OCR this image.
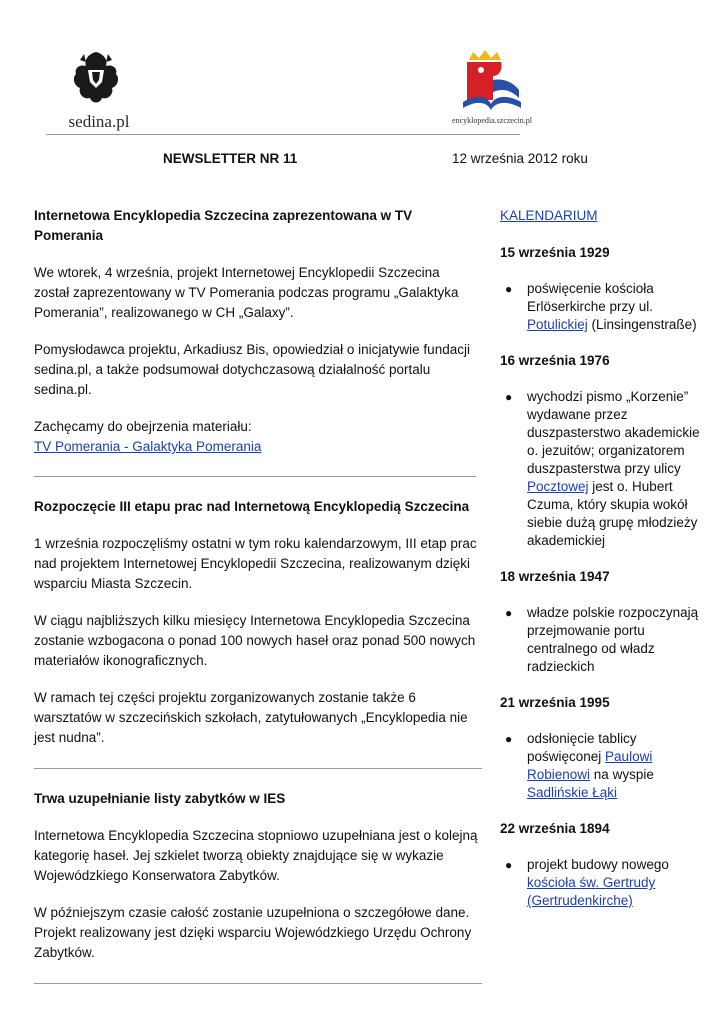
sedina.pl	encyklopedia.szczecin.pl
NEWSLETTER NR 11	12 września 2012 roku
Internetowa Encyklopedia Szczecina zaprezentowana w TV Pomerania

We wtorek, 4 września, projekt Internetowej Encyklopedii Szczecina został zaprezentowany w TV Pomerania podczas programu „Galaktyka Pomerania”, realizowanego w CH „Galaxy”.

Pomysłodawca projektu, Arkadiusz Bis, opowiedział o inicjatywie fundacji sedina.pl, a także podsumował dotychczasową działalność portalu sedina.pl.

Zachęcamy do obejrzenia materiału:
TV Pomerania - Galaktyka Pomerania

Rozpoczęcie III etapu prac nad Internetową Encyklopedią Szczecina

1 września rozpoczęliśmy ostatni w tym roku kalendarzowym, III etap prac nad projektem Internetowej Encyklopedii Szczecina, realizowanym dzięki wsparciu Miasta Szczecin.

W ciągu najbliższych kilku miesięcy Internetowa Encyklopedia Szczecina zostanie wzbogacona o ponad 100 nowych haseł oraz ponad 500 nowych materiałów ikonograficznych.

W ramach tej części projektu zorganizowanych zostanie także 6 warsztatów w szczecińskich szkołach, zatytułowanych „Encyklopedia nie jest nudna”.

Trwa uzupełnianie listy zabytków w IES

Internetowa Encyklopedia Szczecina stopniowo uzupełniana jest o kolejną kategorię haseł. Jej szkielet tworzą obiekty znajdujące się w wykazie Wojewódzkiego Konserwatora Zabytków.

W późniejszym czasie całość zostanie uzupełniona o szczegółowe dane. Projekt realizowany jest dzięki wsparciu Wojewódzkiego Urzędu Ochrony Zabytków.

KALENDARIUM
15 września 1929
● poświęcenie kościoła Erlöserkirche przy ul. Potulickiej (Linsingenstraße)
16 września 1976
● wychodzi pismo „Korzenie” wydawane przez duszpasterstwo akademickie o. jezuitów; organizatorem duszpasterstwa przy ulicy Pocztowej jest o. Hubert Czuma, który skupia wokół siebie dużą grupę młodzieży akademickiej
18 września 1947
● władze polskie rozpoczynają przejmowanie portu centralnego od władz radzieckich
21 września 1995
● odsłonięcie tablicy poświęconej Paulowi Robienowi na wyspie Sadlińskie Łąki
22 września 1894
● projekt budowy nowego kościoła św. Gertrudy (Gertrudenkirche)
